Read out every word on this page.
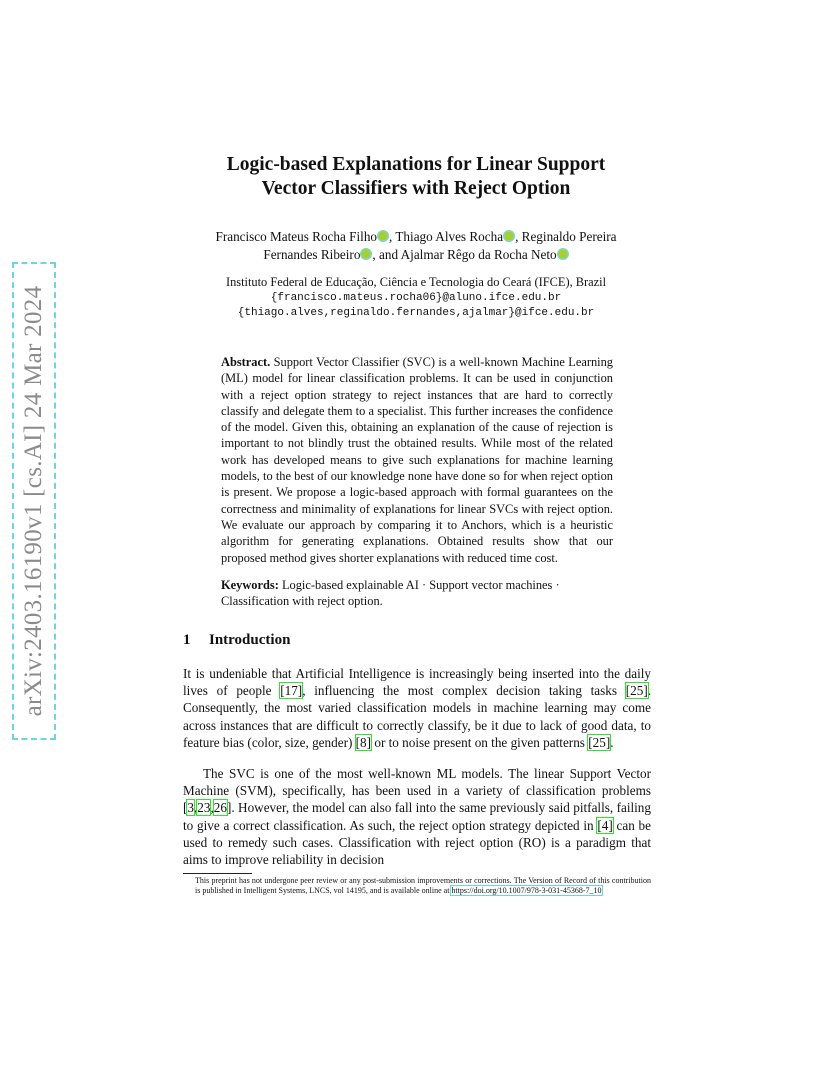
arXiv:2403.16190v1 [cs.AI] 24 Mar 2024
Logic-based Explanations for Linear Support
Vector Classifiers with Reject Option
Francisco Mateus Rocha Filho , Thiago Alves Rocha , Reginaldo Pereira
Fernandes Ribeiro , and Ajalmar Rêgo da Rocha Neto
Instituto Federal de Educação, Ciência e Tecnologia do Ceará (IFCE), Brazil
{francisco.mateus.rocha06}@aluno.ifce.edu.br
{thiago.alves,reginaldo.fernandes,ajalmar}@ifce.edu.br
Abstract. Support Vector Classifier (SVC) is a well-known Machine Learning (ML) model for linear classification problems. It can be used in conjunction with a reject option strategy to reject instances that are hard to correctly classify and delegate them to a specialist. This further increases the confidence of the model. Given this, obtaining an explanation of the cause of rejection is important to not blindly trust the obtained results. While most of the related work has developed means to give such explanations for machine learning models, to the best of our knowledge none have done so for when reject option is present. We propose a logic-based approach with formal guarantees on the correctness and minimality of explanations for linear SVCs with reject option. We evaluate our approach by comparing it to Anchors, which is a heuristic algorithm for generating explanations. Obtained results show that our proposed method gives shorter explanations with reduced time cost.
Keywords: Logic-based explainable AI · Support vector machines · Classification with reject option.
1 Introduction
It is undeniable that Artificial Intelligence is increasingly being inserted into the daily lives of people [17], influencing the most complex decision taking tasks [25]. Consequently, the most varied classification models in machine learning may come across instances that are difficult to correctly classify, be it due to lack of good data, to feature bias (color, size, gender) [8] or to noise present on the given patterns [25].
The SVC is one of the most well-known ML models. The linear Support Vector Machine (SVM), specifically, has been used in a variety of classification problems [3,23,26]. However, the model can also fall into the same previously said pitfalls, failing to give a correct classification. As such, the reject option strategy depicted in [4] can be used to remedy such cases. Classification with reject option (RO) is a paradigm that aims to improve reliability in decision
This preprint has not undergone peer review or any post-submission improvements or corrections. The Version of Record of this contribution is published in Intelligent Systems, LNCS, vol 14195, and is available online at https://doi.org/10.1007/978-3-031-45368-7_10
